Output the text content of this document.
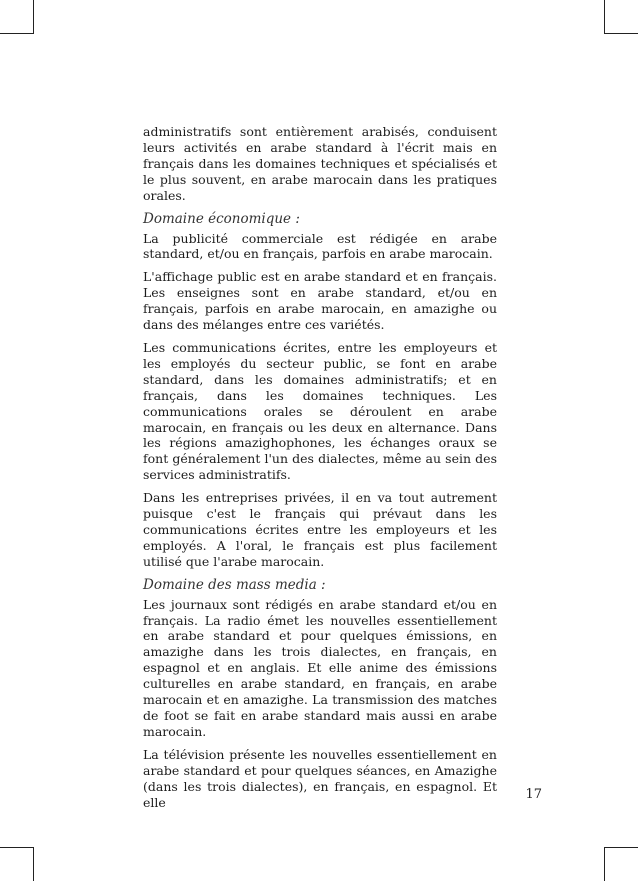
administratifs sont entièrement arabisés, conduisent leurs activités en arabe standard à l'écrit mais en français dans les domaines techniques et spécialisés et le plus souvent, en arabe marocain dans les pratiques orales.

Domaine économique :

La publicité commerciale est rédigée en arabe standard, et/ou en français, parfois en arabe marocain.

L'affichage public est en arabe standard et en français. Les enseignes sont en arabe standard, et/ou en français, parfois en arabe marocain, en amazighe ou dans des mélanges entre ces variétés.

Les communications écrites, entre les employeurs et les employés du secteur public, se font en arabe standard, dans les domaines administratifs; et en français, dans les domaines techniques. Les communications orales se déroulent en arabe marocain, en français ou les deux en alternance. Dans les régions amazighophones, les échanges oraux se font généralement l'un des dialectes, même au sein des services administratifs.

Dans les entreprises privées, il en va tout autrement puisque c'est le français qui prévaut dans les communications écrites entre les employeurs et les employés. A l'oral, le français est plus facilement utilisé que l'arabe marocain.

Domaine des mass media :

Les journaux sont rédigés en arabe standard et/ou en français. La radio émet les nouvelles essentiellement en arabe standard et pour quelques émissions, en amazighe dans les trois dialectes, en français, en espagnol et en anglais. Et elle anime des émissions culturelles en arabe standard, en français, en arabe marocain et en amazighe. La transmission des matches de foot se fait en arabe standard mais aussi en arabe marocain.

La télévision présente les nouvelles essentiellement en arabe standard et pour quelques séances, en Amazighe (dans les trois dialectes), en français, en espagnol. Et elle

17
